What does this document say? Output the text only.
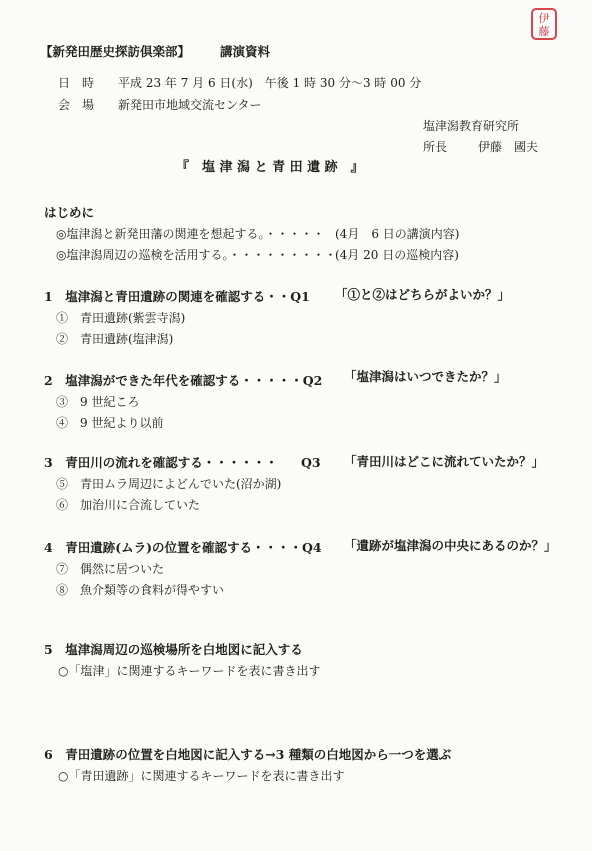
伊
藤
【新発田歴史探訪倶楽部】 講演資料
日　時 平成 23 年 7 月 6 日(水)　午後 1 時 30 分～3 時 00 分
会　場 新発田市地域交流センター
塩津潟教育研究所
所長	伊藤　國夫
『　塩 津 潟 と 青 田 遺 跡　』
はじめに
◎塩津潟と新発田藩の関連を想起する。・・・・・ (4月　6 日の講演内容)
◎塩津潟周辺の巡検を活用する。・・・・・・・・・
(4月 20 日の巡検内容)
1　塩津潟と青田遺跡の関連を確認する・・Q1 「①と②はどちらがよいか？」
①　青田遺跡(紫雲寺潟)
②　青田遺跡(塩津潟)
2　塩津潟ができた年代を確認する・・・・・Q2 「塩津潟はいつできたか？」
③　9 世紀ころ
④　9 世紀より以前
3　青田川の流れを確認する・・・・・・ Q3 「青田川はどこに流れていたか？」
⑤　青田ムラ周辺によどんでいた(沼か湖)
⑥　加治川に合流していた
4　青田遺跡(ムラ)の位置を確認する・・・・Q4 「遺跡が塩津潟の中央にあるのか？」
⑦　偶然に居ついた
⑧　魚介類等の食料が得やすい
5　塩津潟周辺の巡検場所を白地図に記入する
○「塩津」に関連するキーワードを表に書き出す
6　青田遺跡の位置を白地図に記入する→3 種類の白地図から一つを選ぶ
○「青田遺跡」に関連するキーワードを表に書き出す
